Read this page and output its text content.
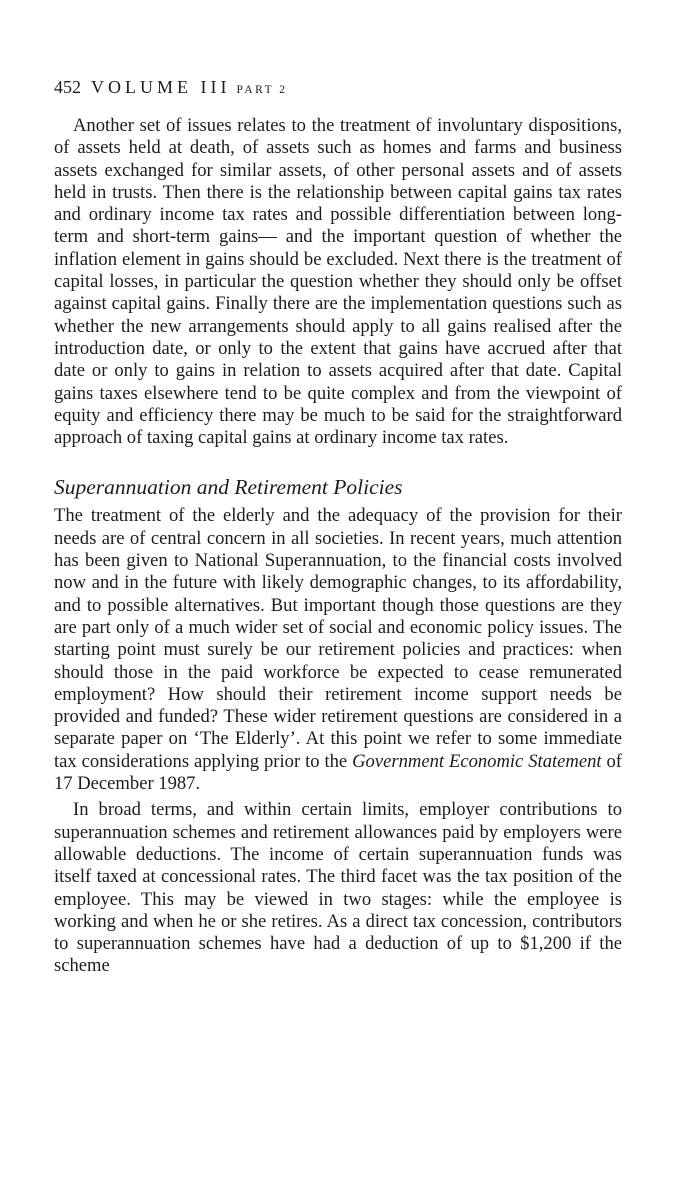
452 VOLUME III PART 2

Another set of issues relates to the treatment of involuntary dispositions, of assets held at death, of assets such as homes and farms and business assets exchanged for similar assets, of other personal assets and of assets held in trusts. Then there is the relationship between capital gains tax rates and ordinary income tax rates and possible differentiation between long-term and short-term gains— and the important question of whether the inflation element in gains should be excluded. Next there is the treatment of capital losses, in particular the question whether they should only be offset against capital gains. Finally there are the implementation questions such as whether the new arrangements should apply to all gains realised after the introduction date, or only to the extent that gains have accrued after that date or only to gains in relation to assets acquired after that date. Capital gains taxes elsewhere tend to be quite complex and from the viewpoint of equity and efficiency there may be much to be said for the straightforward approach of taxing capital gains at ordinary income tax rates.

Superannuation and Retirement Policies

The treatment of the elderly and the adequacy of the provision for their needs are of central concern in all societies. In recent years, much attention has been given to National Superannuation, to the financial costs involved now and in the future with likely demographic changes, to its affordability, and to possible alternatives. But important though those questions are they are part only of a much wider set of social and economic policy issues. The starting point must surely be our retirement policies and practices: when should those in the paid workforce be expected to cease remunerated employment? How should their retirement income support needs be provided and funded? These wider retirement questions are considered in a separate paper on ‘The Elderly’. At this point we refer to some immediate tax considerations applying prior to the Government Economic Statement of 17 December 1987.

In broad terms, and within certain limits, employer contributions to superannuation schemes and retirement allowances paid by employers were allowable deductions. The income of certain superannuation funds was itself taxed at concessional rates. The third facet was the tax position of the employee. This may be viewed in two stages: while the employee is working and when he or she retires. As a direct tax concession, contributors to superannuation schemes have had a deduction of up to $1,200 if the scheme
